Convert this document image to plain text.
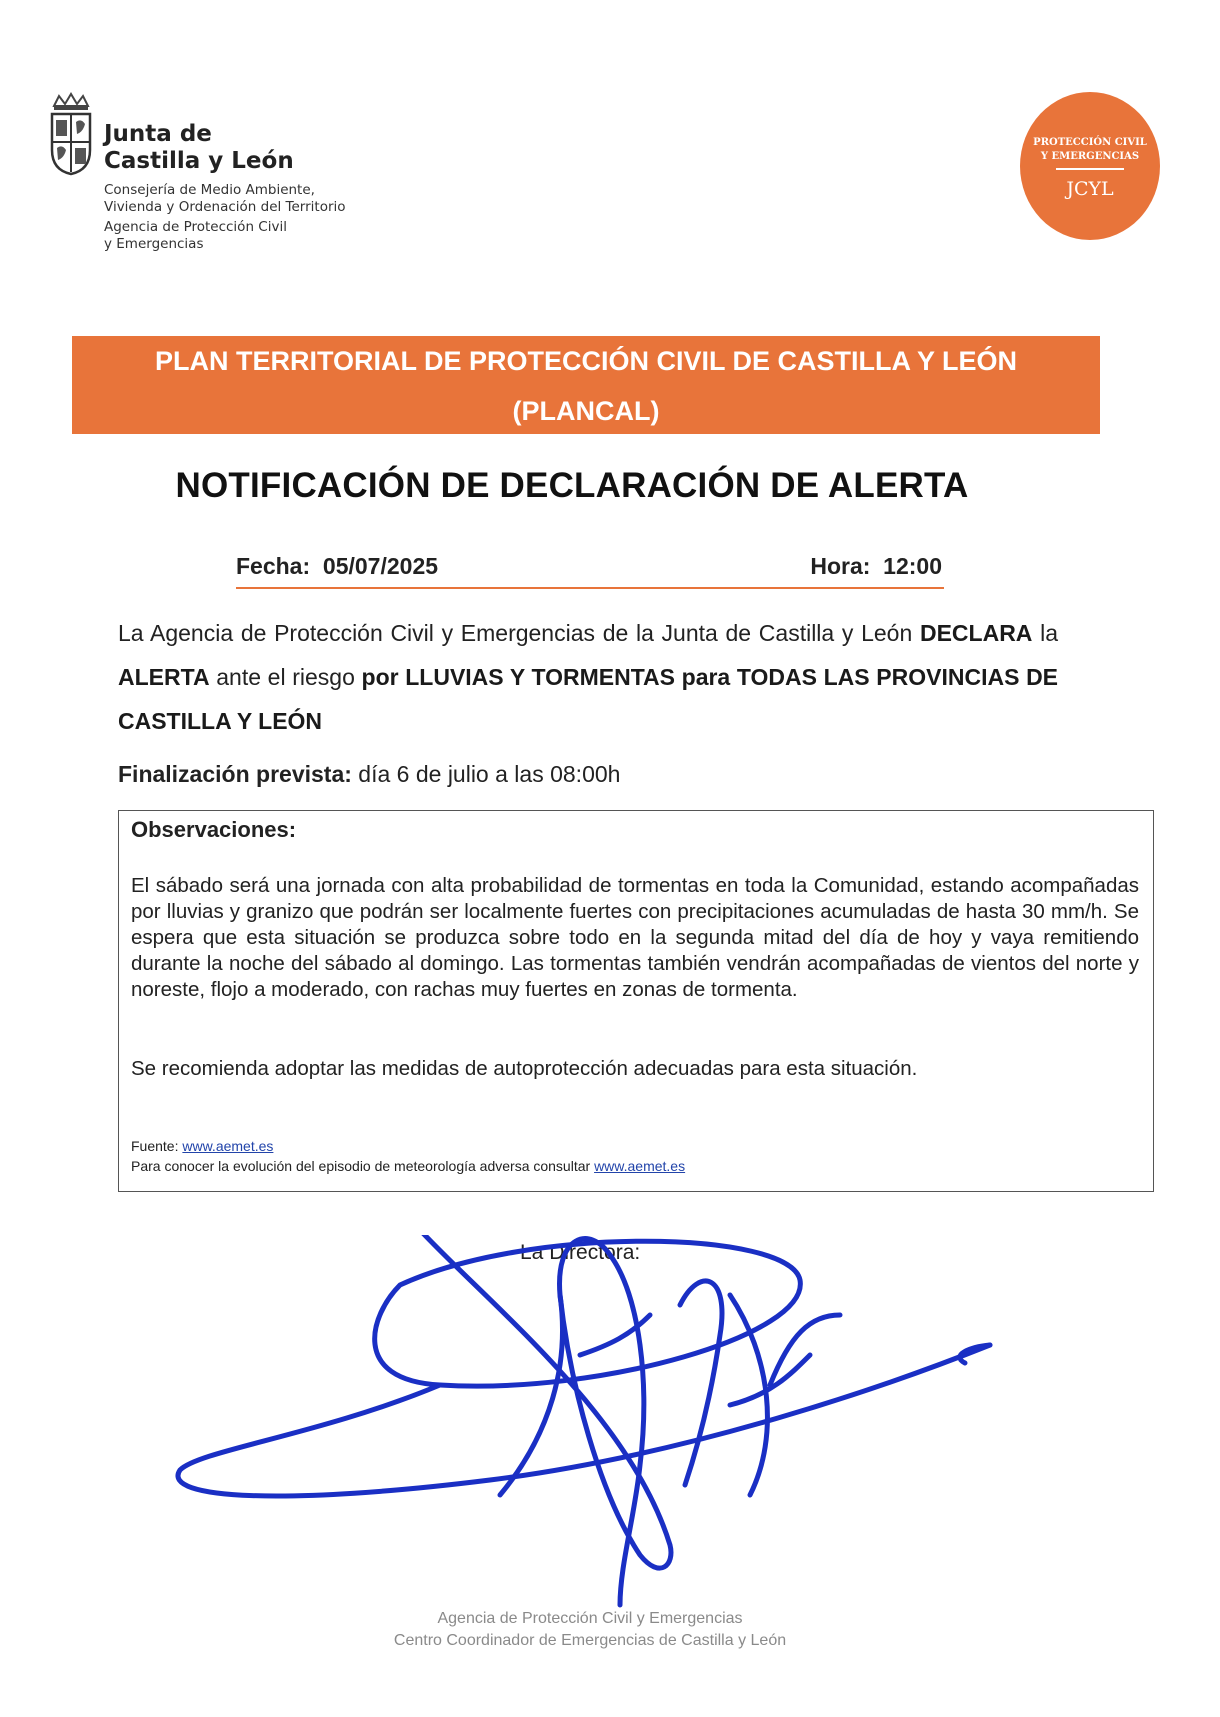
Junta de
Castilla y León
Consejería de Medio Ambiente,
Vivienda y Ordenación del Territorio
Agencia de Protección Civil
y Emergencias
PROTECCIÓN CIVIL
Y EMERGENCIAS
JCYL
PLAN TERRITORIAL DE PROTECCIÓN CIVIL DE CASTILLA Y LEÓN
(PLANCAL)
NOTIFICACIÓN DE DECLARACIÓN DE ALERTA
Fecha: 05/07/2025	Hora: 12:00
La Agencia de Protección Civil y Emergencias de la Junta de Castilla y León DECLARA la ALERTA ante el riesgo por LLUVIAS Y TORMENTAS para TODAS LAS PROVINCIAS DE CASTILLA Y LEÓN
Finalización prevista: día 6 de julio a las 08:00h
Observaciones:
El sábado será una jornada con alta probabilidad de tormentas en toda la Comunidad, estando acompañadas por lluvias y granizo que podrán ser localmente fuertes con precipitaciones acumuladas de hasta 30 mm/h. Se espera que esta situación se produzca sobre todo en la segunda mitad del día de hoy y vaya remitiendo durante la noche del sábado al domingo. Las tormentas también vendrán acompañadas de vientos del norte y noreste, flojo a moderado, con rachas muy fuertes en zonas de tormenta.
Se recomienda adoptar las medidas de autoprotección adecuadas para esta situación.
Fuente: www.aemet.es
Para conocer la evolución del episodio de meteorología adversa consultar www.aemet.es
La Directora:
Agencia de Protección Civil y Emergencias
Centro Coordinador de Emergencias de Castilla y León
